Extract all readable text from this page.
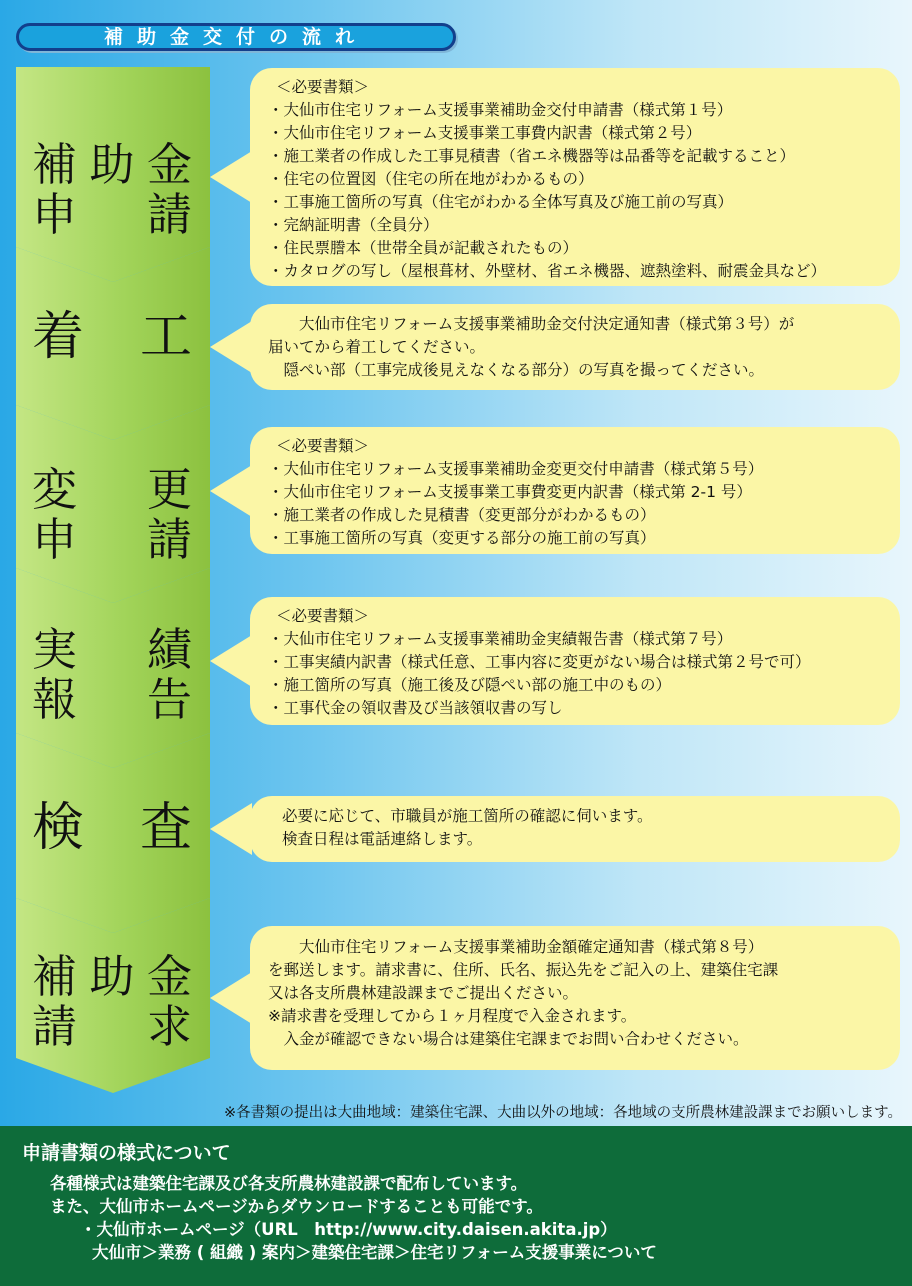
補助金交付の流れ
補 助 金
申 請
着 工
変 更
申 請
実 績
報 告
検 査
補 助 金
請 求
＜必要書類＞
・大仙市住宅リフォーム支援事業補助金交付申請書（様式第１号）
・大仙市住宅リフォーム支援事業工事費内訳書（様式第２号）
・施工業者の作成した工事見積書（省エネ機器等は品番等を記載すること）
・住宅の位置図（住宅の所在地がわかるもの）
・工事施工箇所の写真（住宅がわかる全体写真及び施工前の写真）
・完納証明書（全員分）
・住民票謄本（世帯全員が記載されたもの）
・カタログの写し（屋根葺材、外壁材、省エネ機器、遮熱塗料、耐震金具など）

大仙市住宅リフォーム支援事業補助金交付決定通知書（様式第３号）が

届いてから着工してください。

隠ぺい部（工事完成後見えなくなる部分）の写真を撮ってください。

＜必要書類＞
・大仙市住宅リフォーム支援事業補助金変更交付申請書（様式第５号）
・大仙市住宅リフォーム支援事業工事費変更内訳書（様式第 2-1 号）
・施工業者の作成した見積書（変更部分がわかるもの）
・工事施工箇所の写真（変更する部分の施工前の写真）
＜必要書類＞
・大仙市住宅リフォーム支援事業補助金実績報告書（様式第７号）
・工事実績内訳書（様式任意、工事内容に変更がない場合は様式第２号で可）
・施工箇所の写真（施工後及び隠ぺい部の施工中のもの）
・工事代金の領収書及び当該領収書の写し

必要に応じて、市職員が施工箇所の確認に伺います。

検査日程は電話連絡します。

大仙市住宅リフォーム支援事業補助金額確定通知書（様式第８号）

を郵送します。請求書に、住所、氏名、振込先をご記入の上、建築住宅課

又は各支所農林建設課までご提出ください。

※請求書を受理してから１ヶ月程度で入金されます。

入金が確認できない場合は建築住宅課までお問い合わせください。

※各書類の提出は大曲地域：建築住宅課、大曲以外の地域：各地域の支所農林建設課までお願いします。
申請書類の様式について

各種様式は建築住宅課及び各支所農林建設課で配布しています。

また、大仙市ホームページからダウンロードすることも可能です。

・大仙市ホームページ（URL　http://www.city.daisen.akita.jp）

大仙市＞業務 ( 組織 ) 案内＞建築住宅課＞住宅リフォーム支援事業について
